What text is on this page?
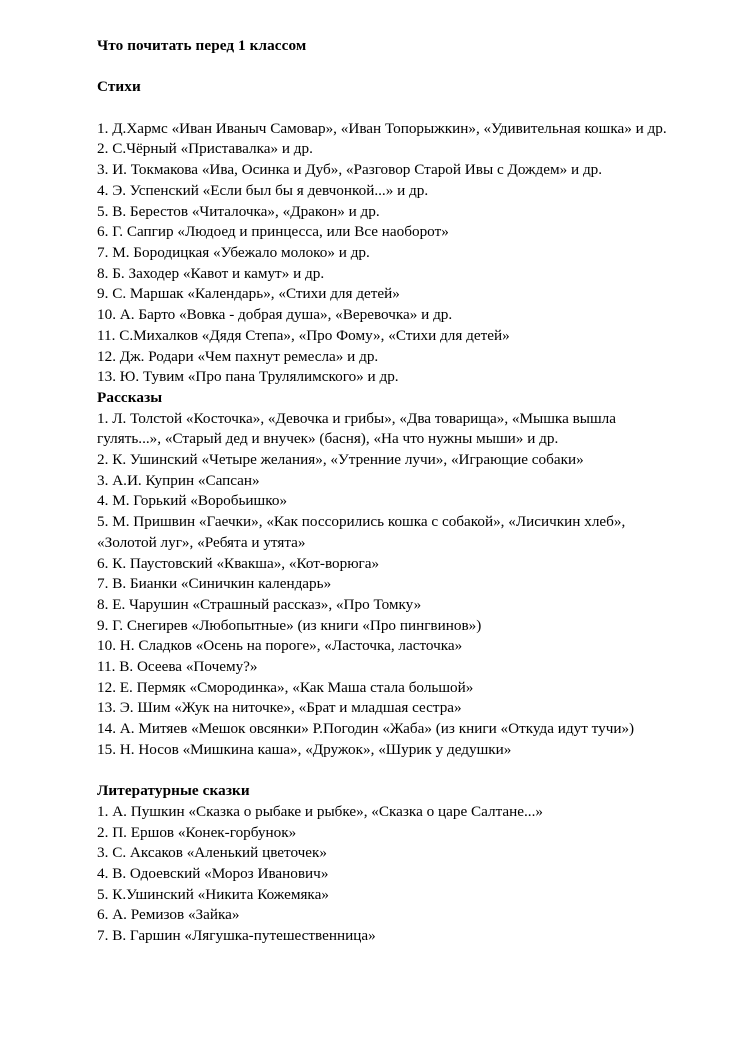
Что почитать перед 1 классом

Стихи

1. Д.Хармс «Иван Иваныч Самовар», «Иван Топорыжкин», «Удивительная кошка» и др.
2. С.Чёрный «Приставалка» и др.
3. И. Токмакова «Ива, Осинка и Дуб», «Разговор Старой Ивы с Дождем» и др.
4. Э. Успенский «Если был бы я девчонкой...» и др.
5. В. Берестов «Читалочка», «Дракон» и др.
6. Г. Сапгир «Людоед и принцесса, или Все наоборот»
7. М. Бородицкая «Убежало молоко» и др.
8. Б. Заходер «Кавот и камут» и др.
9. С. Маршак «Календарь», «Стихи для детей»
10. А. Барто «Вовка - добрая душа», «Веревочка» и др.
11. С.Михалков «Дядя Степа», «Про Фому», «Стихи для детей»
12. Дж. Родари «Чем пахнут ремесла» и др.
13. Ю. Тувим «Про пана Трулялимского» и др.
Рассказы
1. Л. Толстой «Косточка», «Девочка и грибы», «Два товарища», «Мышка вышла гулять...», «Старый дед и внучек» (басня), «На что нужны мыши» и др.
2. К. Ушинский «Четыре желания», «Утренние лучи», «Играющие собаки»
3. А.И. Куприн «Сапсан»
4. М. Горький «Воробьишко»
5. М. Пришвин «Гаечки», «Как поссорились кошка с собакой», «Лисичкин хлеб», «Золотой луг», «Ребята и утята»
6. К. Паустовский «Квакша», «Кот-ворюга»
7. В. Бианки «Синичкин календарь»
8. Е. Чарушин «Страшный рассказ», «Про Томку»
9. Г. Снегирев «Любопытные» (из книги «Про пингвинов»)
10. Н. Сладков «Осень на пороге», «Ласточка, ласточка»
11. В. Осеева «Почему?»
12. Е. Пермяк «Смородинка», «Как Маша стала большой»
13. Э. Шим «Жук на ниточке», «Брат и младшая сестра»
14. А. Митяев «Мешок овсянки» Р.Погодин «Жаба» (из книги «Откуда идут тучи»)
15. Н. Носов «Мишкина каша», «Дружок», «Шурик у дедушки»

Литературные сказки
1. А. Пушкин «Сказка о рыбаке и рыбке», «Сказка о царе Салтане...»
2. П. Ершов «Конек-горбунок»
3. С. Аксаков «Аленький цветочек»
4. В. Одоевский «Мороз Иванович»
5. К.Ушинский «Никита Кожемяка»
6. А. Ремизов «Зайка»
7. В. Гаршин «Лягушка-путешественница»
